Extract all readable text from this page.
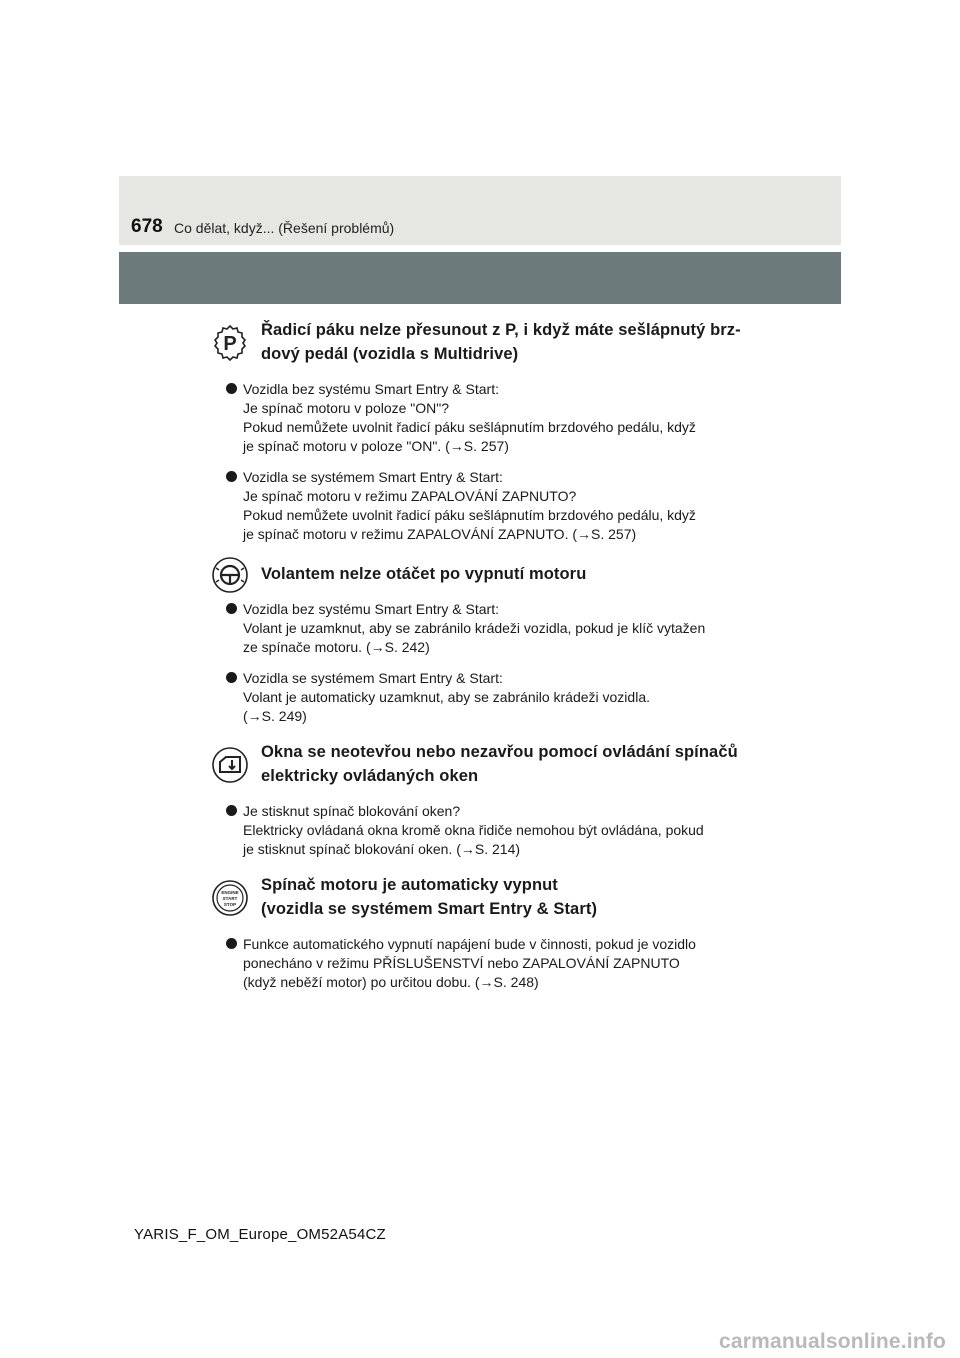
678 Co dělat, když... (Řešení problémů)
P
Řadicí páku nelze přesunout z P, i když máte sešlápnutý brz-
dový pedál (vozidla s Multidrive)

Vozidla bez systému Smart Entry & Start:
Je spínač motoru v poloze "ON"?
Pokud nemůžete uvolnit řadicí páku sešlápnutím brzdového pedálu, když
je spínač motoru v poloze "ON". (→S. 257)

Vozidla se systémem Smart Entry & Start:
Je spínač motoru v režimu ZAPALOVÁNÍ ZAPNUTO?
Pokud nemůžete uvolnit řadicí páku sešlápnutím brzdového pedálu, když
je spínač motoru v režimu ZAPALOVÁNÍ ZAPNUTO. (→S. 257)

Volantem nelze otáčet po vypnutí motoru

Vozidla bez systému Smart Entry & Start:
Volant je uzamknut, aby se zabránilo krádeži vozidla, pokud je klíč vytažen
ze spínače motoru. (→S. 242)

Vozidla se systémem Smart Entry & Start:
Volant je automaticky uzamknut, aby se zabránilo krádeži vozidla.
(→S. 249)

Okna se neotevřou nebo nezavřou pomocí ovládání spínačů
elektricky ovládaných oken

Je stisknut spínač blokování oken?
Elektricky ovládaná okna kromě okna řidiče nemohou být ovládána, pokud
je stisknut spínač blokování oken. (→S. 214)

ENGINE
START
STOP
Spínač motoru je automaticky vypnut
(vozidla se systémem Smart Entry & Start)

Funkce automatického vypnutí napájení bude v činnosti, pokud je vozidlo
ponecháno v režimu PŘÍSLUŠENSTVÍ nebo ZAPALOVÁNÍ ZAPNUTO
(když neběží motor) po určitou dobu. (→S. 248)

YARIS_F_OM_Europe_OM52A54CZ
carmanualsonline.info
